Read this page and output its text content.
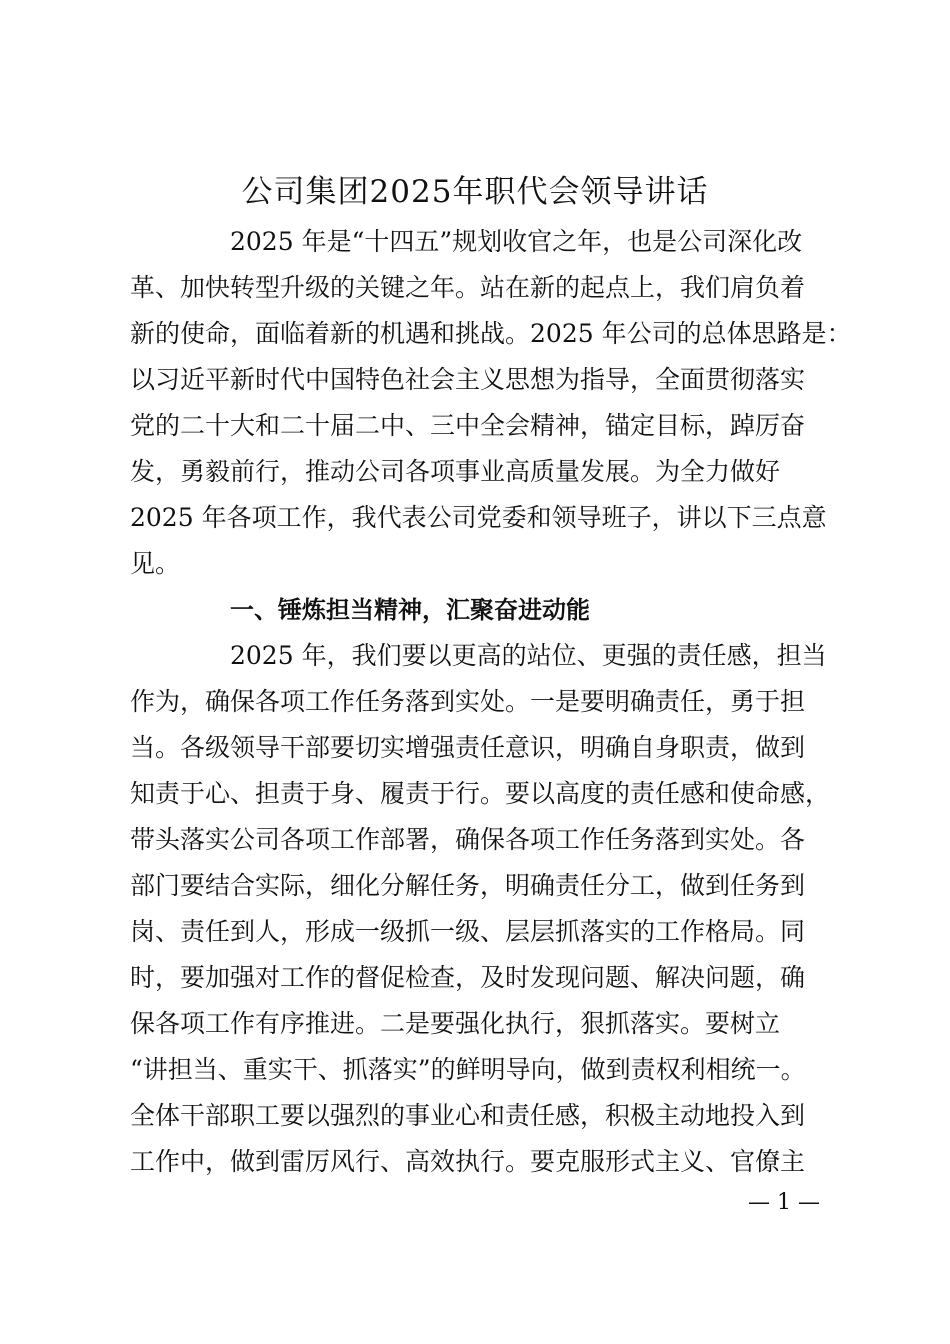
公司集团2025年职代会领导讲话
2025 年是“十四五”规划收官之年，也是公司深化改
革、加快转型升级的关键之年。站在新的起点上，我们肩负着
新的使命，面临着新的机遇和挑战。2025 年公司的总体思路是：
以习近平新时代中国特色社会主义思想为指导，全面贯彻落实
党的二十大和二十届二中、三中全会精神，锚定目标，踔厉奋
发，勇毅前行，推动公司各项事业高质量发展。为全力做好
2025 年各项工作，我代表公司党委和领导班子，讲以下三点意
见。
一、锤炼担当精神，汇聚奋进动能
2025 年，我们要以更高的站位、更强的责任感，担当
作为，确保各项工作任务落到实处。一是要明确责任，勇于担
当。各级领导干部要切实增强责任意识，明确自身职责，做到
知责于心、担责于身、履责于行。要以高度的责任感和使命感，
带头落实公司各项工作部署，确保各项工作任务落到实处。各
部门要结合实际，细化分解任务，明确责任分工，做到任务到
岗、责任到人，形成一级抓一级、层层抓落实的工作格局。同
时，要加强对工作的督促检查，及时发现问题、解决问题，确
保各项工作有序推进。二是要强化执行，狠抓落实。要树立
“讲担当、重实干、抓落实”的鲜明导向，做到责权利相统一。
全体干部职工要以强烈的事业心和责任感，积极主动地投入到
工作中，做到雷厉风行、高效执行。要克服形式主义、官僚主
— 1 —
